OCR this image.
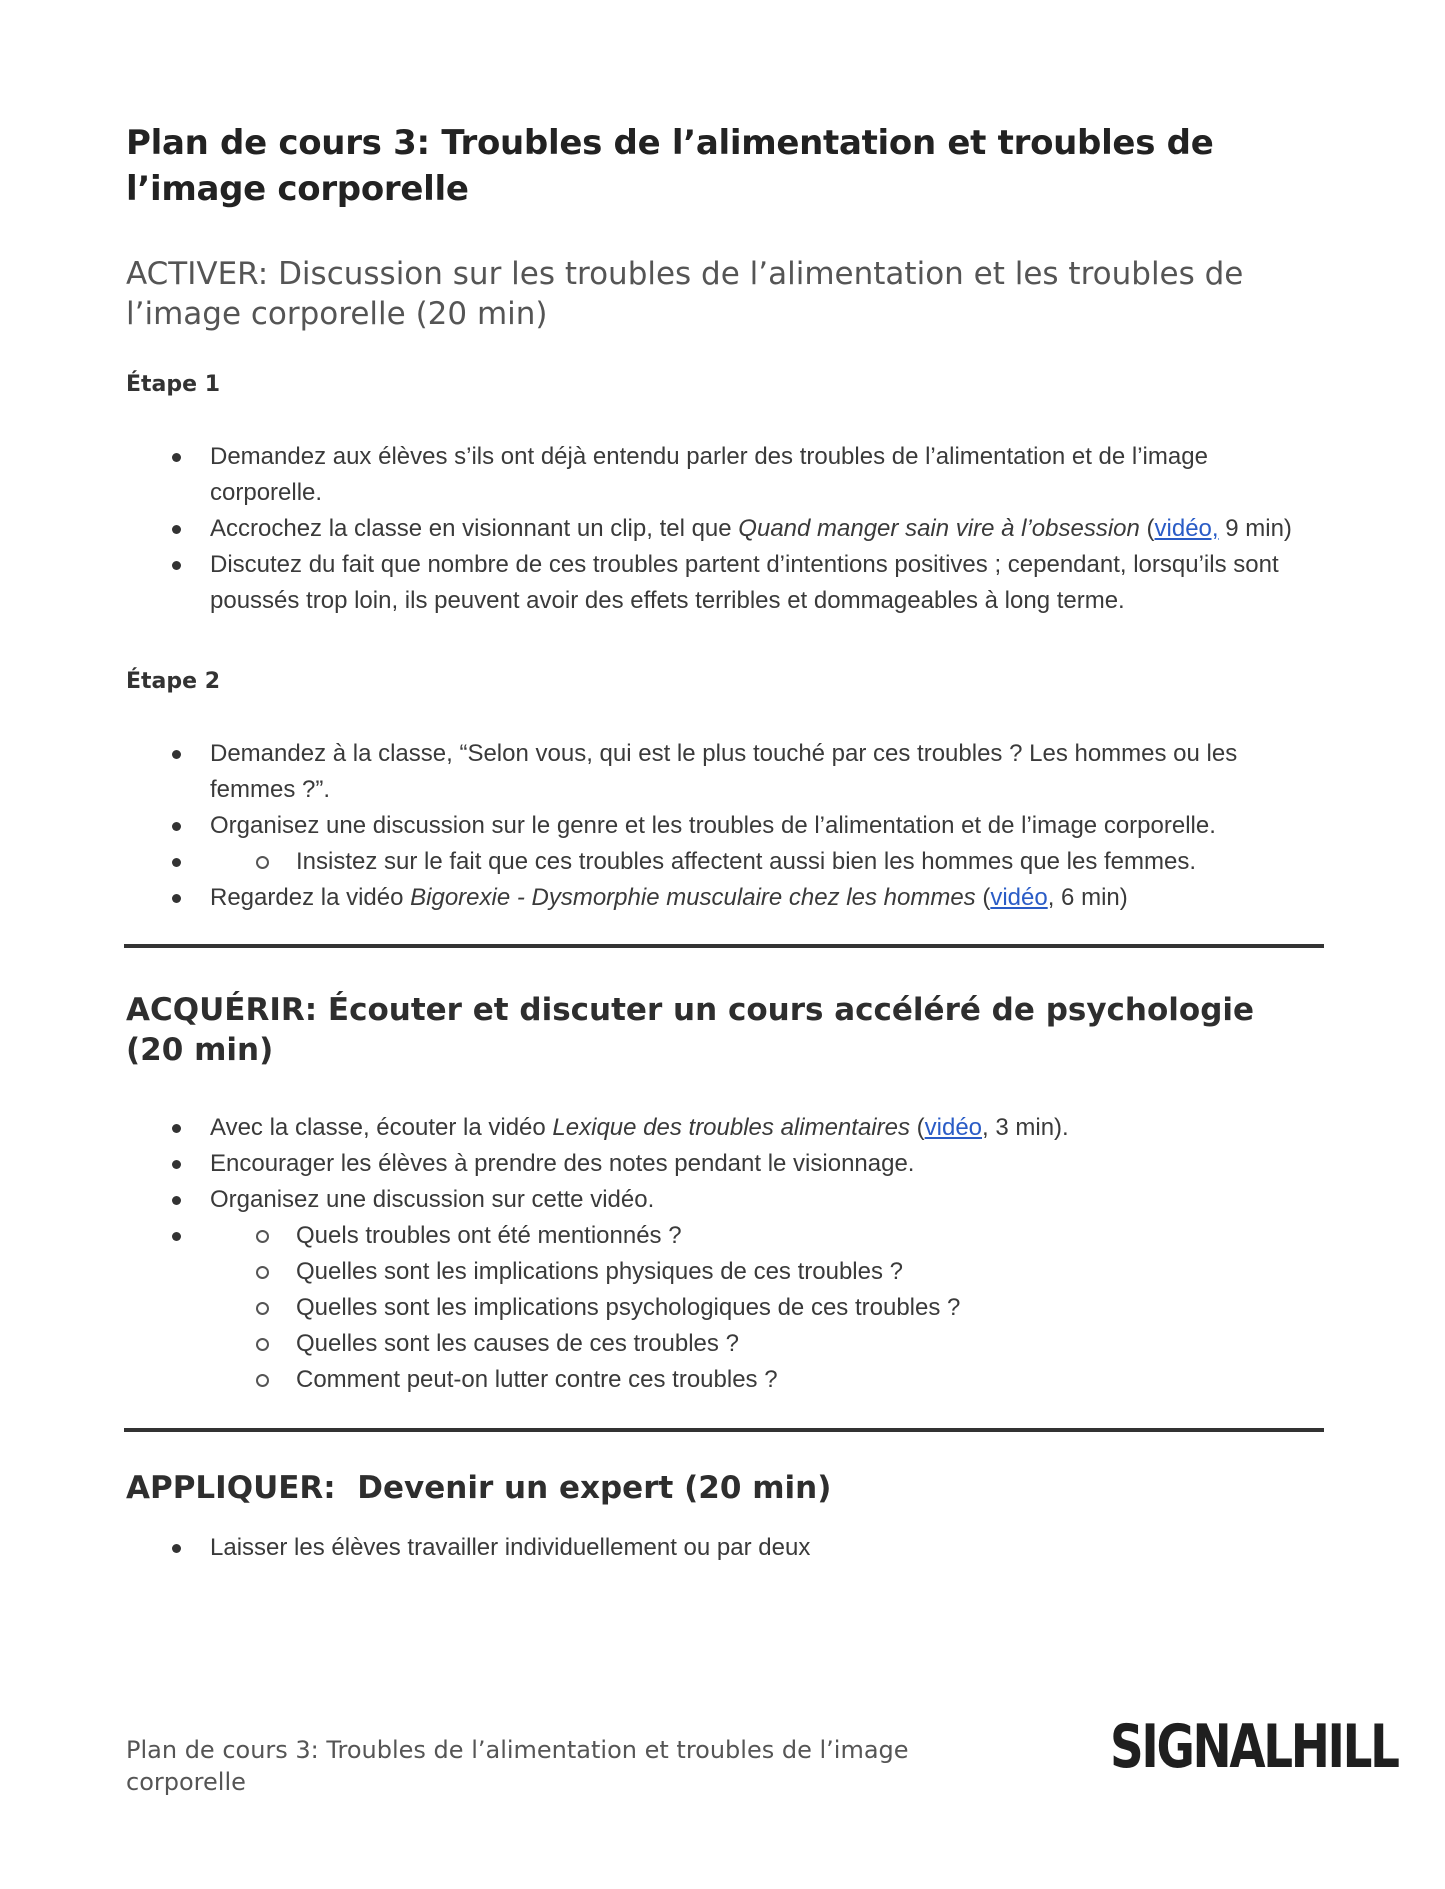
Plan de cours 3: Troubles de l’alimentation et troubles de l’image corporelle
ACTIVER: Discussion sur les troubles de l’alimentation et les troubles de l’image corporelle (20 min)
Étape 1
Demandez aux élèves s’ils ont déjà entendu parler des troubles de l’alimentation et de l’image corporelle.
Accrochez la classe en visionnant un clip, tel que Quand manger sain vire à l’obsession (vidéo, 9 min)
Discutez du fait que nombre de ces troubles partent d’intentions positives ; cependant, lorsqu’ils sont poussés trop loin, ils peuvent avoir des effets terribles et dommageables à long terme.
Étape 2
Demandez à la classe, “Selon vous, qui est le plus touché par ces troubles ? Les hommes ou les femmes ?”.
Organisez une discussion sur le genre et les troubles de l’alimentation et de l’image corporelle.
Insistez sur le fait que ces troubles affectent aussi bien les hommes que les femmes.
Regardez la vidéo Bigorexie - Dysmorphie musculaire chez les hommes (vidéo, 6 min)
ACQUÉRIR: Écouter et discuter un cours accéléré de psychologie (20 min)
Avec la classe, écouter la vidéo Lexique des troubles alimentaires (vidéo, 3 min).
Encourager les élèves à prendre des notes pendant le visionnage.
Organisez une discussion sur cette vidéo.
Quels troubles ont été mentionnés ?
Quelles sont les implications physiques de ces troubles ?
Quelles sont les implications psychologiques de ces troubles ?
Quelles sont les causes de ces troubles ?
Comment peut-on lutter contre ces troubles ?
APPLIQUER:  Devenir un expert (20 min)
Laisser les élèves travailler individuellement ou par deux
Plan de cours 3: Troubles de l’alimentation et troubles de l’image corporelle	SIGNALHILL
